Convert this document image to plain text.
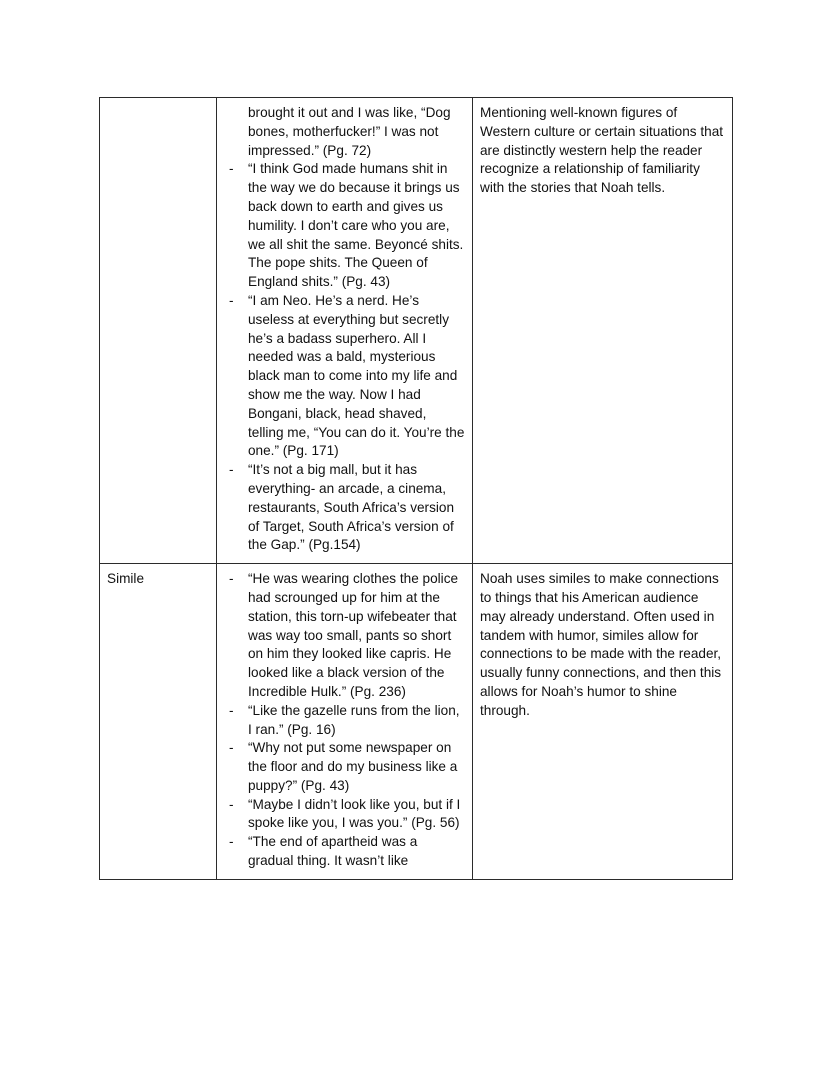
brought it out and I was like, “Dog bones, motherfucker!” I was not impressed.” (Pg. 72)
-	“I think God made humans shit in the way we do because it brings us back down to earth and gives us humility. I don’t care who you are, we all shit the same. Beyoncé shits. The pope shits. The Queen of England shits.” (Pg. 43)
-	“I am Neo. He’s a nerd. He’s useless at everything but secretly he’s a badass superhero. All I needed was a bald, mysterious black man to come into my life and show me the way. Now I had Bongani, black, head shaved, telling me, “You can do it. You’re the one.” (Pg. 171)
-	“It’s not a big mall, but it has everything- an arcade, a cinema, restaurants, South Africa’s version of Target, South Africa’s version of the Gap.” (Pg.154)

Mentioning well-known figures of Western culture or certain situations that are distinctly western help the reader recognize a relationship of familiarity with the stories that Noah tells.

Simile	-	“He was wearing clothes the police had scrounged up for him at the station, this torn-up wifebeater that was way too small, pants so short on him they looked like capris. He looked like a black version of the Incredible Hulk.” (Pg. 236)
-	“Like the gazelle runs from the lion, I ran.” (Pg. 16)
-	“Why not put some newspaper on the floor and do my business like a puppy?” (Pg. 43)
-	“Maybe I didn’t look like you, but if I spoke like you, I was you.” (Pg. 56)
-	“The end of apartheid was a gradual thing. It wasn’t like

Noah uses similes to make connections to things that his American audience may already understand. Often used in tandem with humor, similes allow for connections to be made with the reader, usually funny connections, and then this allows for Noah’s humor to shine through.
